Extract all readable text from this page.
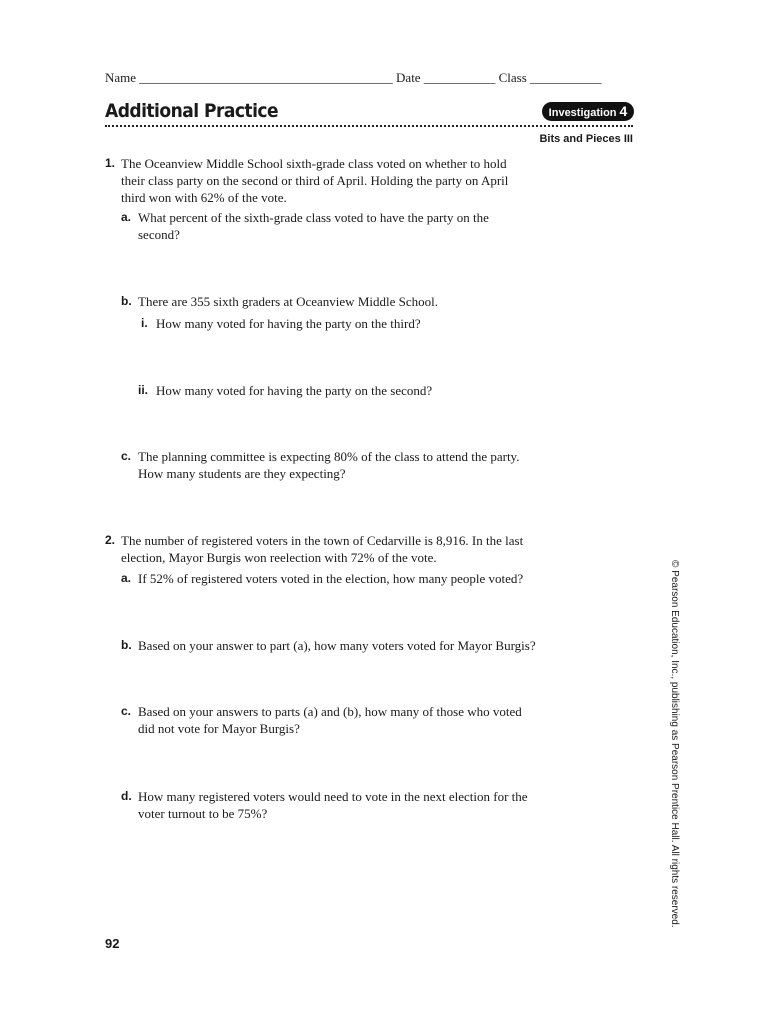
Name _______________________________________ Date ___________ Class ___________
Additional Practice	Investigation 4
Bits and Pieces III
1. The Oceanview Middle School sixth-grade class voted on whether to hold
their class party on the second or third of April. Holding the party on April
third won with 62% of the vote.
a. What percent of the sixth-grade class voted to have the party on the
second?
b. There are 355 sixth graders at Oceanview Middle School.
i. How many voted for having the party on the third?
ii. How many voted for having the party on the second?
c. The planning committee is expecting 80% of the class to attend the party.
How many students are they expecting?
2. The number of registered voters in the town of Cedarville is 8,916. In the last
election, Mayor Burgis won reelection with 72% of the vote.
a. If 52% of registered voters voted in the election, how many people voted?
b. Based on your answer to part (a), how many voters voted for Mayor Burgis?
c. Based on your answers to parts (a) and (b), how many of those who voted
did not vote for Mayor Burgis?
d. How many registered voters would need to vote in the next election for the
voter turnout to be 75%?	© Pearson Education, Inc., publishing as Pearson Prentice Hall. All rights reserved.
92
